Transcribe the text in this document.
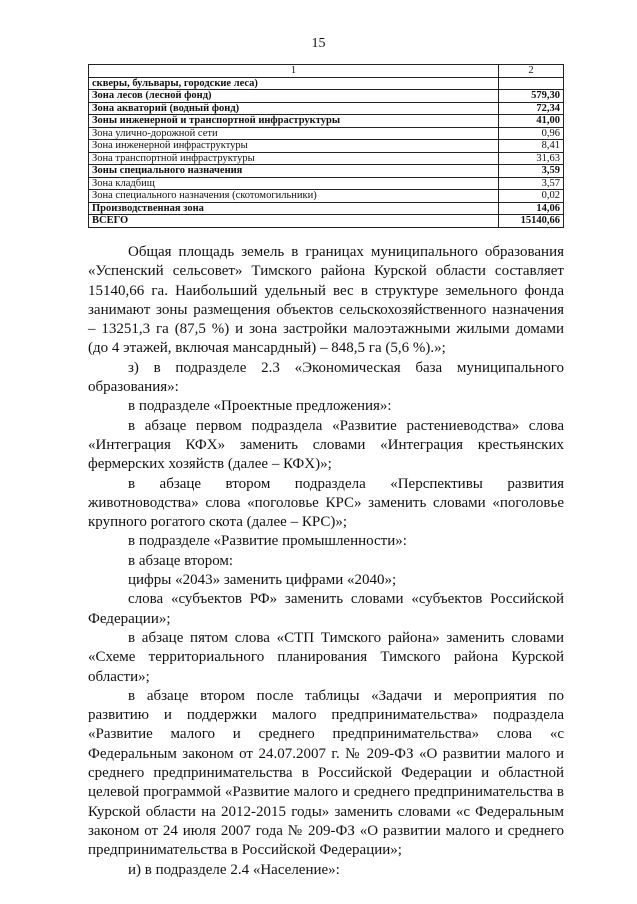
15
1	2
скверы, бульвары, городские леса)	
Зона лесов (лесной фонд)	579,30
Зона акваторий (водный фонд)	72,34
Зоны инженерной и транспортной инфраструктуры	41,00
Зона улично-дорожной сети	0,96
Зона инженерной инфраструктуры	8,41
Зона транспортной инфраструктуры	31,63
Зоны специального назначения	3,59
Зона кладбищ	3,57
Зона специального назначения (скотомогильники)	0,02
Производственная зона	14,06
ВСЕГО	15140,66

Общая площадь земель в границах муниципального образования «Успенский сельсовет» Тимского района Курской области составляет 15140,66 га. Наибольший удельный вес в структуре земельного фонда занимают зоны размещения объектов сельскохозяйственного назначения – 13251,3 га (87,5 %) и зона застройки малоэтажными жилыми домами (до 4 этажей, включая мансардный) – 848,5 га (5,6 %).»;

з) в подразделе 2.3 «Экономическая база муниципального образования»:

в подразделе «Проектные предложения»:

в абзаце первом подраздела «Развитие растениеводства» слова «Интеграция КФХ» заменить словами «Интеграция крестьянских фермерских хозяйств (далее – КФХ)»;

в абзаце втором подраздела «Перспективы развития животноводства» слова «поголовье КРС» заменить словами «поголовье крупного рогатого скота (далее – КРС)»;

в подразделе «Развитие промышленности»:

в абзаце втором:

цифры «2043» заменить цифрами «2040»;

слова «субъектов РФ» заменить словами «субъектов Российской Федерации»;

в абзаце пятом слова «СТП Тимского района» заменить словами «Схеме территориального планирования Тимского района Курской области»;

в абзаце втором после таблицы «Задачи и мероприятия по развитию и поддержки малого предпринимательства» подраздела «Развитие малого и среднего предпринимательства» слова «с Федеральным законом от 24.07.2007 г. № 209-ФЗ «О развитии малого и среднего предпринимательства в Российской Федерации и областной целевой программой «Развитие малого и среднего предпринимательства в Курской области на 2012-2015 годы» заменить словами «с Федеральным законом от 24 июля 2007 года № 209-ФЗ «О развитии малого и среднего предпринимательства в Российской Федерации»;

и) в подразделе 2.4 «Население»:
